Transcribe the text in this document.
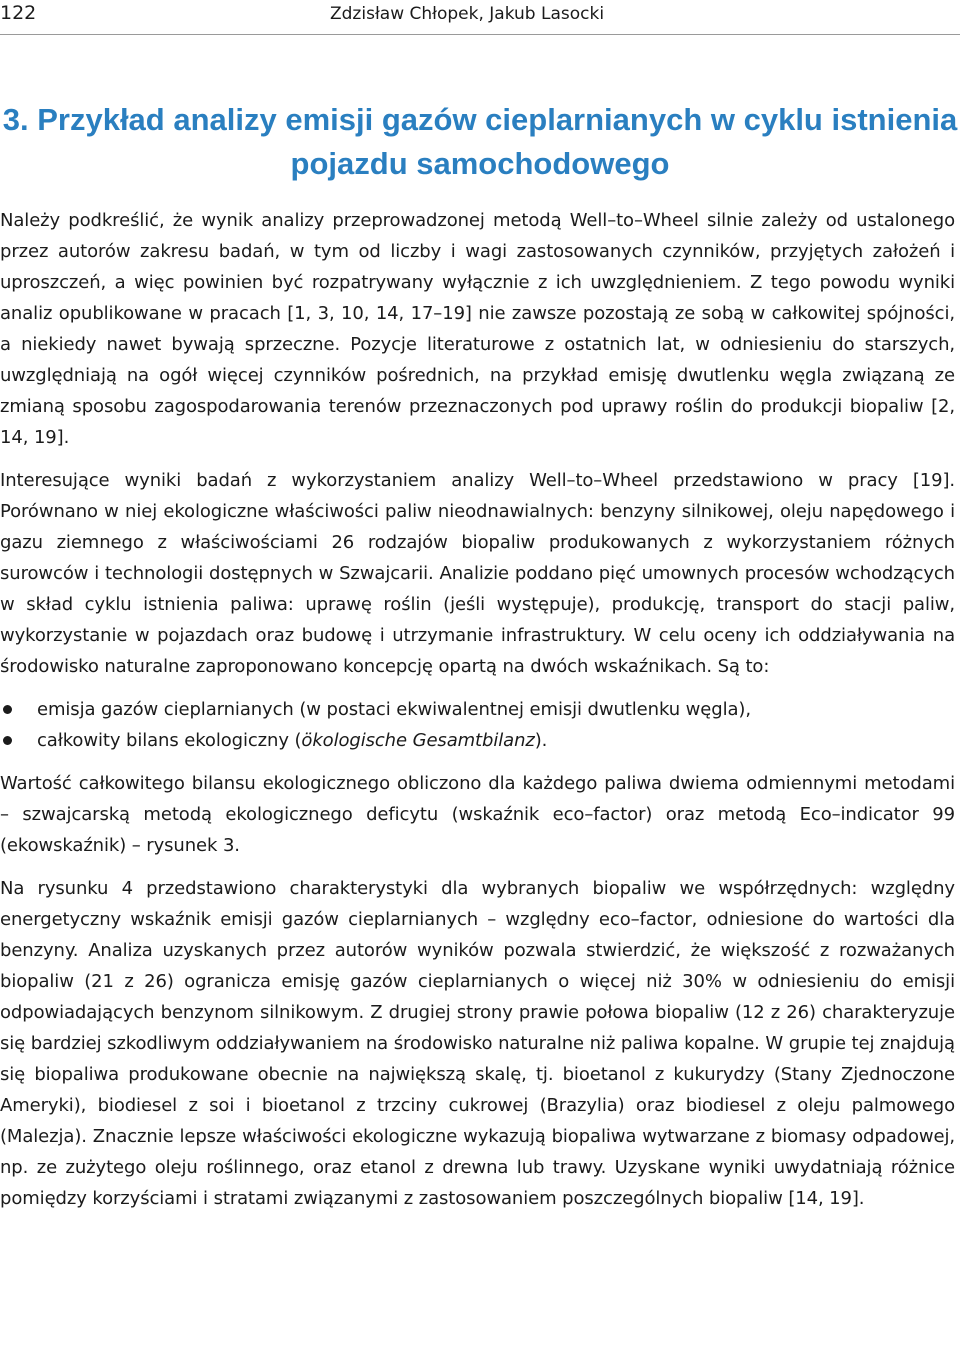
122	Zdzisław Chłopek, Jakub Lasocki
3. Przykład analizy emisji gazów cieplarnianych w cyklu istnienia pojazdu samochodowego

Należy podkreślić, że wynik analizy przeprowadzonej metodą Well–to–Wheel silnie zależy od ustalonego przez autorów zakresu badań, w tym od liczby i wagi zastosowanych czynników, przyjętych założeń i uproszczeń, a więc powinien być rozpatrywany wyłącznie z ich uwzględnieniem. Z tego powodu wyniki analiz opublikowane w pracach [1, 3, 10, 14, 17–19] nie zawsze pozostają ze sobą w całkowitej spójności, a niekiedy nawet bywają sprzeczne. Pozycje literaturowe z ostatnich lat, w odniesieniu do starszych, uwzględniają na ogół więcej czynników pośrednich, na przykład emisję dwutlenku węgla związaną ze zmianą sposobu zagospodarowania terenów przeznaczonych pod uprawy roślin do produkcji biopaliw [2, 14, 19].

Interesujące wyniki badań z wykorzystaniem analizy Well–to–Wheel przedstawiono w pracy [19]. Porównano w niej ekologiczne właściwości paliw nieodnawialnych: benzyny silnikowej, oleju napędowego i gazu ziemnego z właściwościami 26 rodzajów biopaliw produkowanych z wykorzystaniem różnych surowców i technologii dostępnych w Szwajcarii. Analizie poddano pięć umownych procesów wchodzących w skład cyklu istnienia paliwa: uprawę roślin (jeśli występuje), produkcję, transport do stacji paliw, wykorzystanie w pojazdach oraz budowę i utrzymanie infrastruktury. W celu oceny ich oddziaływania na środowisko naturalne zaproponowano koncepcję opartą na dwóch wskaźnikach. Są to:

emisja gazów cieplarnianych (w postaci ekwiwalentnej emisji dwutlenku węgla),
całkowity bilans ekologiczny (ökologische Gesamtbilanz).

Wartość całkowitego bilansu ekologicznego obliczono dla każdego paliwa dwiema odmiennymi metodami – szwajcarską metodą ekologicznego deficytu (wskaźnik eco–factor) oraz metodą Eco–indicator 99 (ekowskaźnik) – rysunek 3.

Na rysunku 4 przedstawiono charakterystyki dla wybranych biopaliw we współrzędnych: względny energetyczny wskaźnik emisji gazów cieplarnianych – względny eco–factor, odniesione do wartości dla benzyny. Analiza uzyskanych przez autorów wyników pozwala stwierdzić, że większość z rozważanych biopaliw (21 z 26) ogranicza emisję gazów cieplarnianych o więcej niż 30% w odniesieniu do emisji odpowiadających benzynom silnikowym. Z drugiej strony prawie połowa biopaliw (12 z 26) charakteryzuje się bardziej szkodliwym oddziaływaniem na środowisko naturalne niż paliwa kopalne. W grupie tej znajdują się biopaliwa produkowane obecnie na największą skalę, tj. bioetanol z kukurydzy (Stany Zjednoczone Ameryki), biodiesel z soi i bioetanol z trzciny cukrowej (Brazylia) oraz biodiesel z oleju palmowego (Malezja). Znacznie lepsze właściwości ekologiczne wykazują biopaliwa wytwarzane z biomasy odpadowej, np. ze zużytego oleju roślinnego, oraz etanol z drewna lub trawy. Uzyskane wyniki uwydatniają różnice pomiędzy korzyściami i stratami związanymi z zastosowaniem poszczególnych biopaliw [14, 19].
